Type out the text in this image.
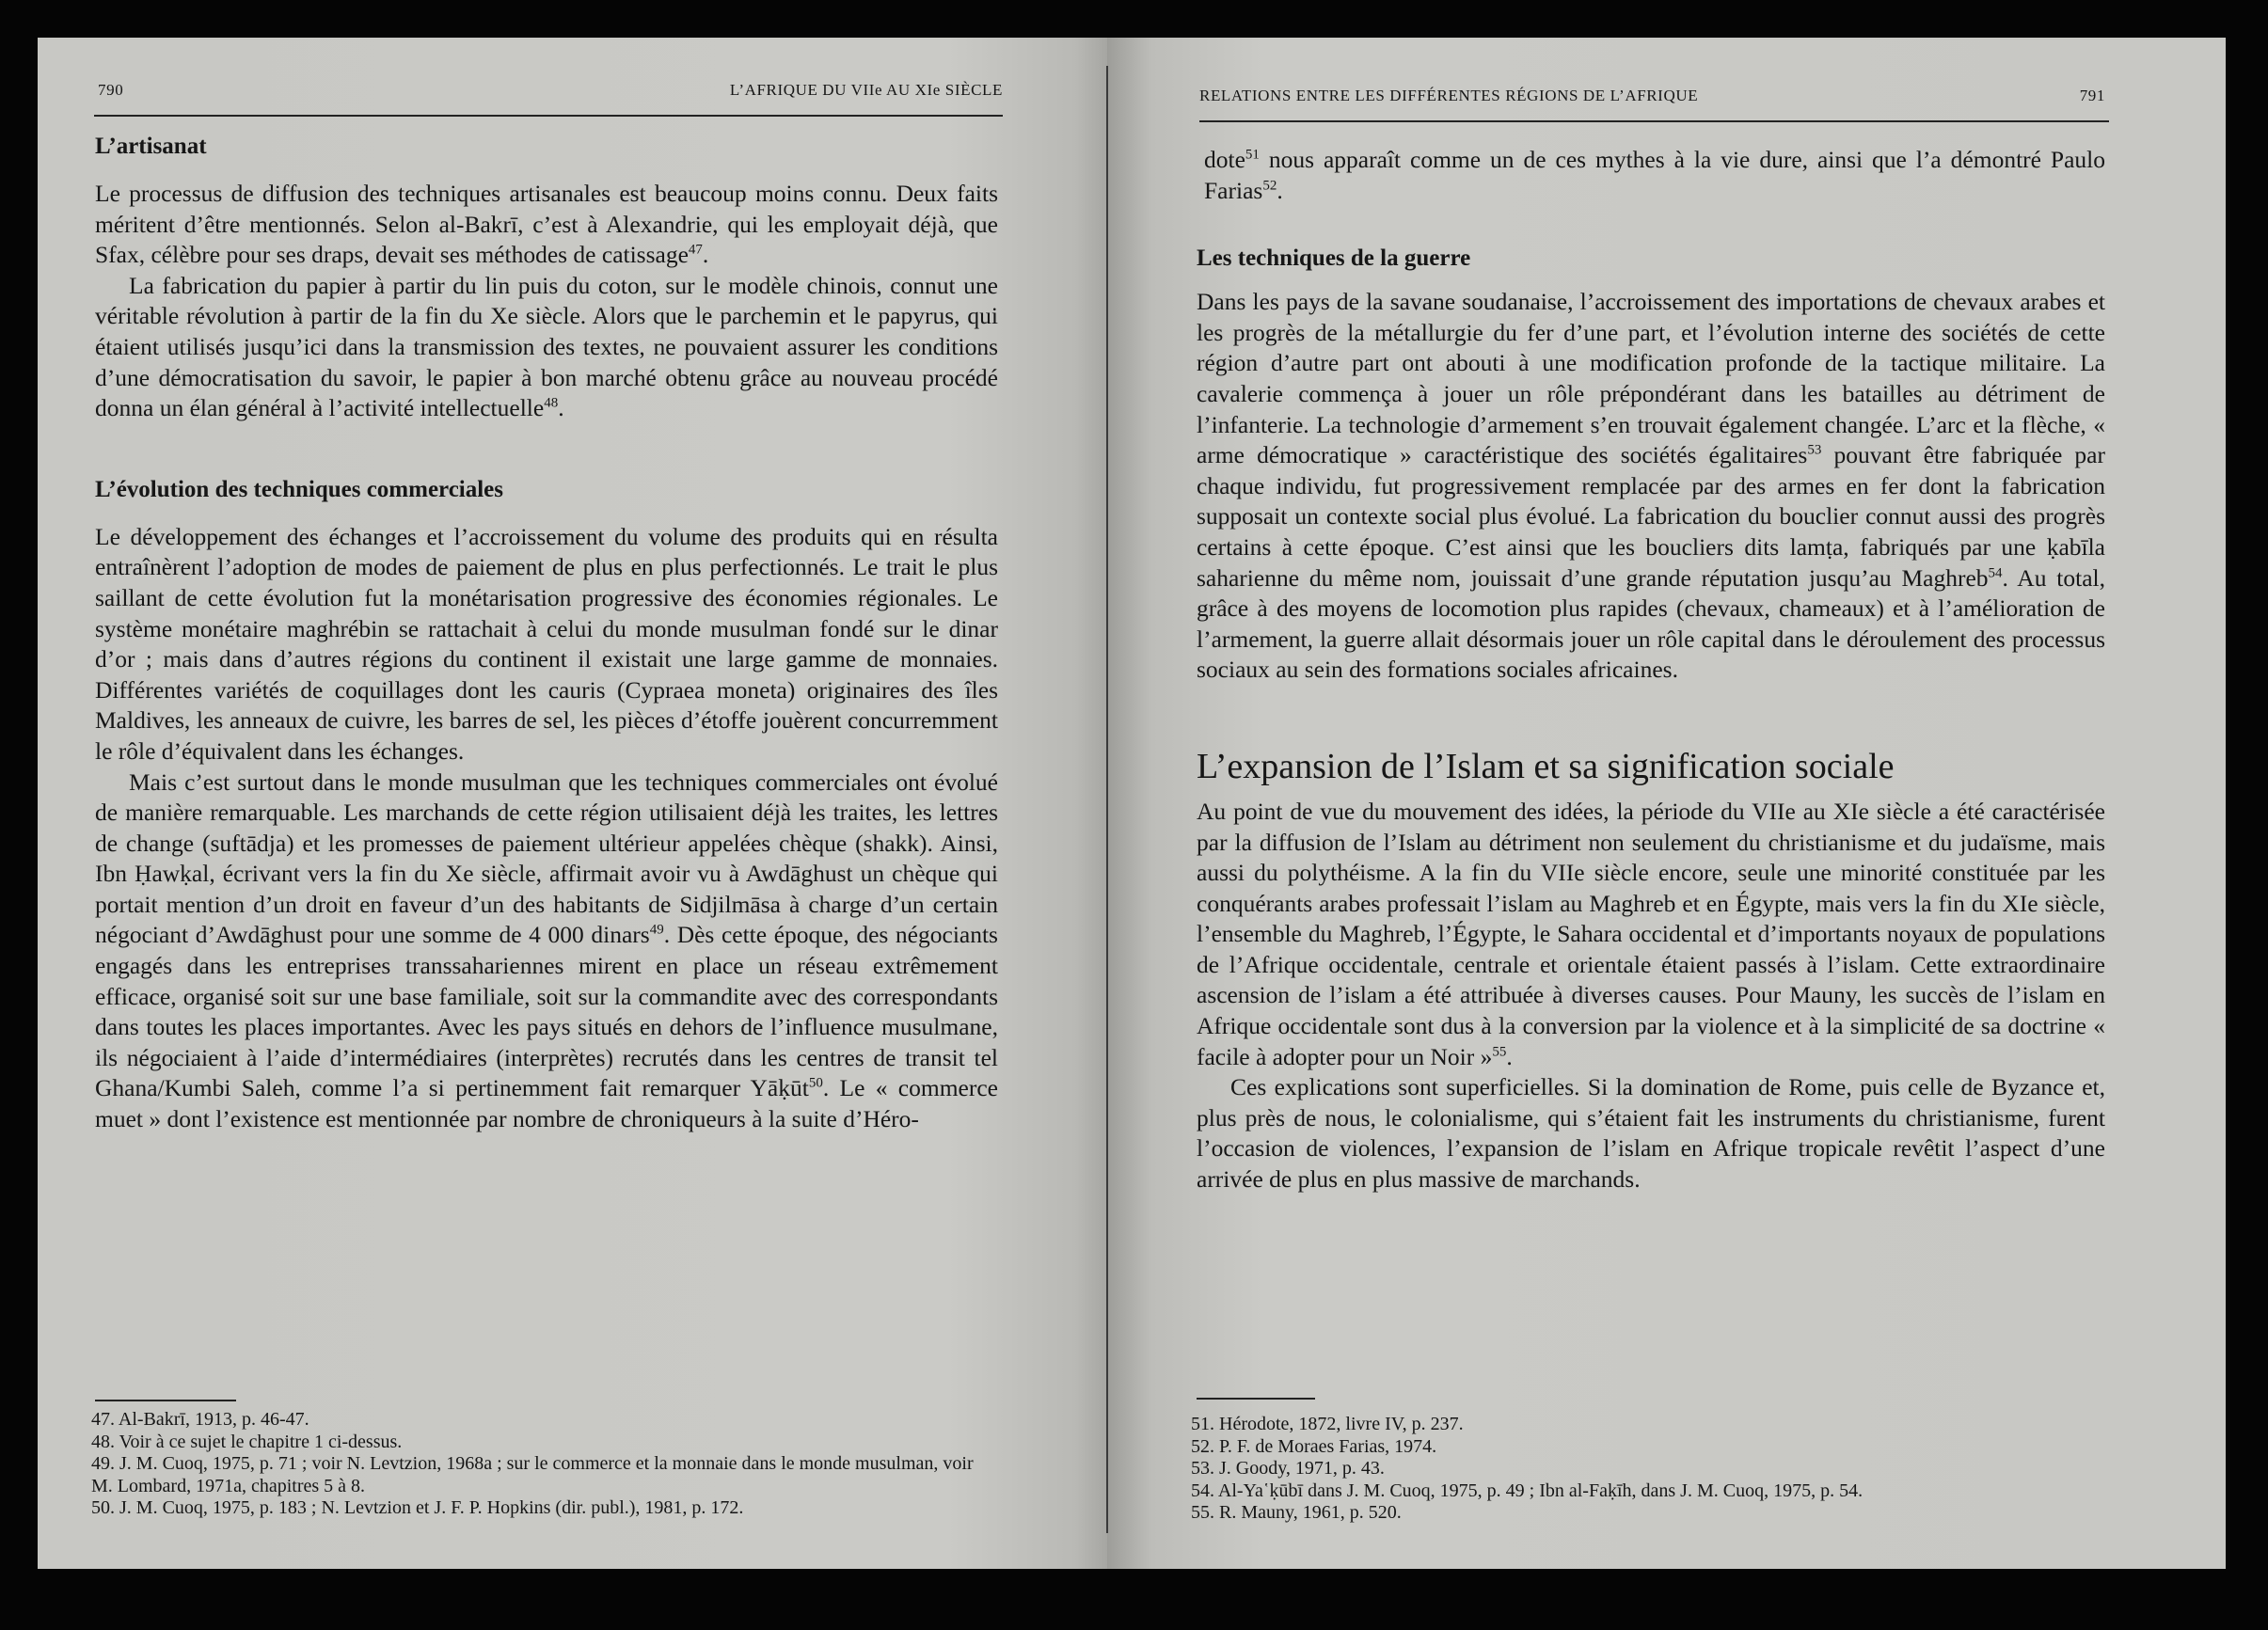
790	L’AFRIQUE DU VIIe AU XIe SIÈCLE
L’artisanat

Le processus de diffusion des techniques artisanales est beaucoup moins connu. Deux faits méritent d’être mentionnés. Selon al-Bakrī, c’est à Alexandrie, qui les employait déjà, que Sfax, célèbre pour ses draps, devait ses méthodes de catissage$^{47}$.

La fabrication du papier à partir du lin puis du coton, sur le modèle chinois, connut une véritable révolution à partir de la fin du Xe siècle. Alors que le parchemin et le papyrus, qui étaient utilisés jusqu’ici dans la transmission des textes, ne pouvaient assurer les conditions d’une démocratisation du savoir, le papier à bon marché obtenu grâce au nouveau procédé donna un élan général à l’activité intellectuelle$^{48}$.

L’évolution des techniques commerciales

Le développement des échanges et l’accroissement du volume des produits qui en résulta entraînèrent l’adoption de modes de paiement de plus en plus perfectionnés. Le trait le plus saillant de cette évolution fut la monétarisation progressive des économies régionales. Le système monétaire maghrébin se rattachait à celui du monde musulman fondé sur le dinar d’or ; mais dans d’autres régions du continent il existait une large gamme de monnaies. Différentes variétés de coquillages dont les cauris (Cypraea moneta) originaires des îles Maldives, les anneaux de cuivre, les barres de sel, les pièces d’étoffe jouèrent concurremment le rôle d’équivalent dans les échanges.

Mais c’est surtout dans le monde musulman que les techniques commerciales ont évolué de manière remarquable. Les marchands de cette région utilisaient déjà les traites, les lettres de change (suftādja) et les promesses de paiement ultérieur appelées chèque (shakk). Ainsi, Ibn Ḥawḳal, écrivant vers la fin du Xe siècle, affirmait avoir vu à Awdāghust un chèque qui portait mention d’un droit en faveur d’un des habitants de Sidjilmāsa à charge d’un certain négociant d’Awdāghust pour une somme de 4 000 dinars$^{49}$. Dès cette époque, des négociants engagés dans les entreprises transsahariennes mirent en place un réseau extrêmement efficace, organisé soit sur une base familiale, soit sur la commandite avec des correspondants dans toutes les places importantes. Avec les pays situés en dehors de l’influence musulmane, ils négociaient à l’aide d’intermédiaires (interprètes) recrutés dans les centres de transit tel Ghana/Kumbi Saleh, comme l’a si pertinemment fait remarquer Yāḳūt$^{50}$. Le « commerce muet » dont l’existence est mentionnée par nombre de chroniqueurs à la suite d’Héro-

47. Al-Bakrī, 1913, p. 46-47.

48. Voir à ce sujet le chapitre 1 ci-dessus.

49. J. M. Cuoq, 1975, p. 71 ; voir N. Levtzion, 1968a ; sur le commerce et la monnaie dans le monde musulman, voir M. Lombard, 1971a, chapitres 5 à 8.

50. J. M. Cuoq, 1975, p. 183 ; N. Levtzion et J. F. P. Hopkins (dir. publ.), 1981, p. 172.

RELATIONS ENTRE LES DIFFÉRENTES RÉGIONS DE L’AFRIQUE	791

dote$^{51}$ nous apparaît comme un de ces mythes à la vie dure, ainsi que l’a démontré Paulo Farias$^{52}$.

Les techniques de la guerre

Dans les pays de la savane soudanaise, l’accroissement des importations de chevaux arabes et les progrès de la métallurgie du fer d’une part, et l’évolution interne des sociétés de cette région d’autre part ont abouti à une modification profonde de la tactique militaire. La cavalerie commença à jouer un rôle prépondérant dans les batailles au détriment de l’infanterie. La technologie d’armement s’en trouvait également changée. L’arc et la flèche, « arme démocratique » caractéristique des sociétés égalitaires$^{53}$ pouvant être fabriquée par chaque individu, fut progressivement remplacée par des armes en fer dont la fabrication supposait un contexte social plus évolué. La fabrication du bouclier connut aussi des progrès certains à cette époque. C’est ainsi que les boucliers dits lamṭa, fabriqués par une ḳabīla saharienne du même nom, jouissait d’une grande réputation jusqu’au Maghreb$^{54}$. Au total, grâce à des moyens de locomotion plus rapides (chevaux, chameaux) et à l’amélioration de l’armement, la guerre allait désormais jouer un rôle capital dans le déroulement des processus sociaux au sein des formations sociales africaines.

L’expansion de l’Islam et sa signification sociale

Au point de vue du mouvement des idées, la période du VIIe au XIe siècle a été caractérisée par la diffusion de l’Islam au détriment non seulement du christianisme et du judaïsme, mais aussi du polythéisme. A la fin du VIIe siècle encore, seule une minorité constituée par les conquérants arabes professait l’islam au Maghreb et en Égypte, mais vers la fin du XIe siècle, l’ensemble du Maghreb, l’Égypte, le Sahara occidental et d’importants noyaux de populations de l’Afrique occidentale, centrale et orientale étaient passés à l’islam. Cette extraordinaire ascension de l’islam a été attribuée à diverses causes. Pour Mauny, les succès de l’islam en Afrique occidentale sont dus à la conversion par la violence et à la simplicité de sa doctrine « facile à adopter pour un Noir »$^{55}$.

Ces explications sont superficielles. Si la domination de Rome, puis celle de Byzance et, plus près de nous, le colonialisme, qui s’étaient fait les instruments du christianisme, furent l’occasion de violences, l’expansion de l’islam en Afrique tropicale revêtit l’aspect d’une arrivée de plus en plus massive de marchands.

51. Hérodote, 1872, livre IV, p. 237.

52. P. F. de Moraes Farias, 1974.

53. J. Goody, 1971, p. 43.

54. Al-Ya῾ḳūbī dans J. M. Cuoq, 1975, p. 49 ; Ibn al-Faḳīh, dans J. M. Cuoq, 1975, p. 54.

55. R. Mauny, 1961, p. 520.
